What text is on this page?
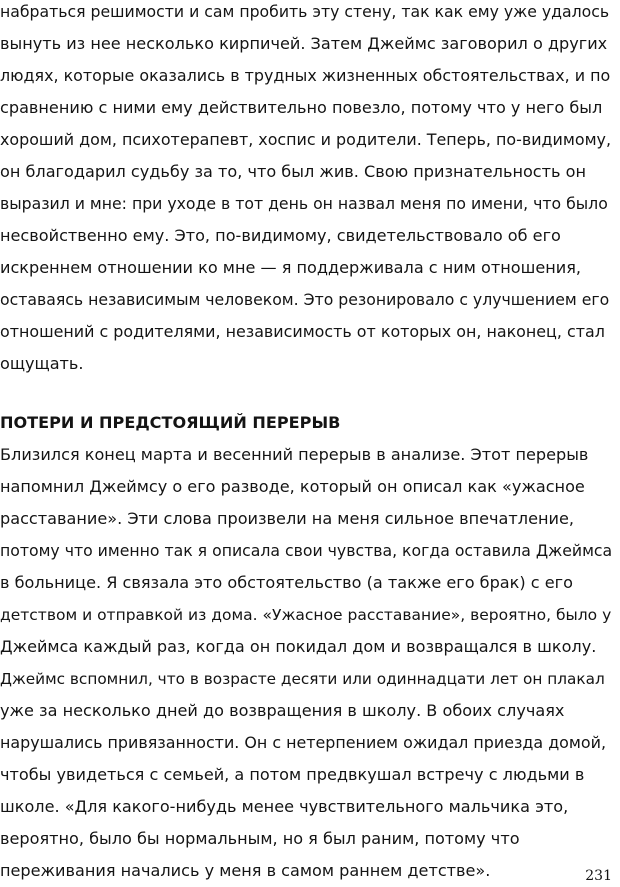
набраться решимости и сам пробить эту стену, так как ему уже удалось
вынуть из нее несколько кирпичей. Затем Джеймс заговорил о других
людях, которые оказались в трудных жизненных обстоятельствах, и по
сравнению с ними ему действительно повезло, потому что у него был
хороший дом, психотерапевт, хоспис и родители. Теперь, по-видимому,
он благодарил судьбу за то, что был жив. Свою признательность он
выразил и мне: при уходе в тот день он назвал меня по имени, что было
несвойственно ему. Это, по-видимому, свидетельствовало об его
искреннем отношении ко мне — я поддерживала с ним отношения,
оставаясь независимым человеком. Это резонировало с улучшением его
отношений с родителями, независимость от которых он, наконец, стал
ощущать.
ПОТЕРИ И ПРЕДСТОЯЩИЙ ПЕРЕРЫВ
Близился конец марта и весенний перерыв в анализе. Этот перерыв
напомнил Джеймсу о его разводе, который он описал как «ужасное
расставание». Эти слова произвели на меня сильное впечатление,
потому что именно так я описала свои чувства, когда оставила Джеймса
в больнице. Я связала это обстоятельство (а также его брак) с его
детством и отправкой из дома. «Ужасное расставание», вероятно, было у
Джеймса каждый раз, когда он покидал дом и возвращался в школу.
Джеймс вспомнил, что в возрасте десяти или одиннадцати лет он плакал
уже за несколько дней до возвращения в школу. В обоих случаях
нарушались привязанности. Он с нетерпением ожидал приезда домой,
чтобы увидеться с семьей, а потом предвкушал встречу с людьми в
школе. «Для какого-нибудь менее чувствительного мальчика это,
вероятно, было бы нормальным, но я был раним, потому что
переживания начались у меня в самом раннем детстве».	231
